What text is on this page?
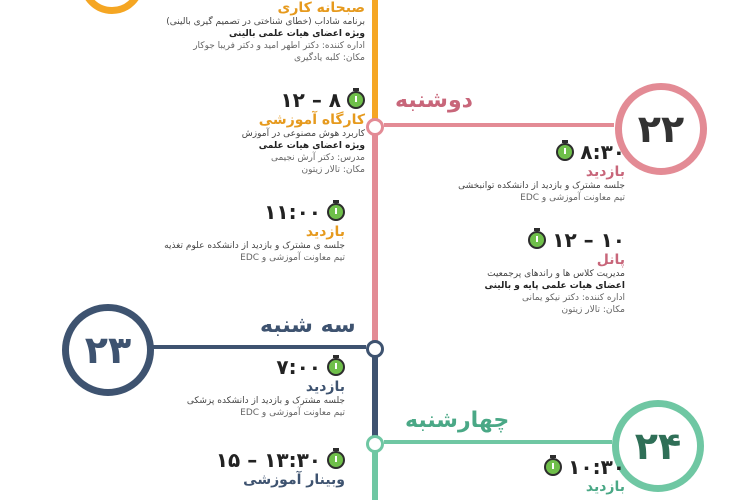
دوشنبه
۲۲
سه شنبه
۲۳
چهارشنبه
۲۴
صبحانه کاری
برنامه شاداب (خطای شناختی در تصمیم گیری بالینی)
ویژه اعضای هیات علمی بالینی
اداره کننده: دکتر اطهر امید و دکتر فریبا جوکار
مکان: کلبه یادگیری
۱۲ – ۸
کارگاه آموزشی
کاربرد هوش مصنوعی در آموزش
ویژه اعضای هیات علمی
مدرس: دکتر آرش نجیمی
مکان: تالار زیتون
۱۱:۰۰
بازدید
جلسه ی مشترک و بازدید از دانشکده علوم تغذیه
تیم معاونت آموزشی و EDC
۷:۰۰
بازدید
جلسه مشترک و بازدید از دانشکده پزشکی
تیم معاونت آموزشی و EDC
۱۵ – ۱۳:۳۰
وبینار آموزشی
۸:۳۰
بازدید
جلسه مشترک و بازدید از دانشکده توانبخشی
تیم معاونت آموزشی و EDC
۱۲ – ۱۰
پانل
مدیریت کلاس ها و راندهای پرجمعیت
اعضای هیات علمی پایه و بالینی
اداره کننده: دکتر نیکو یمانی
مکان: تالار زیتون
۱۰:۳۰
بازدید
